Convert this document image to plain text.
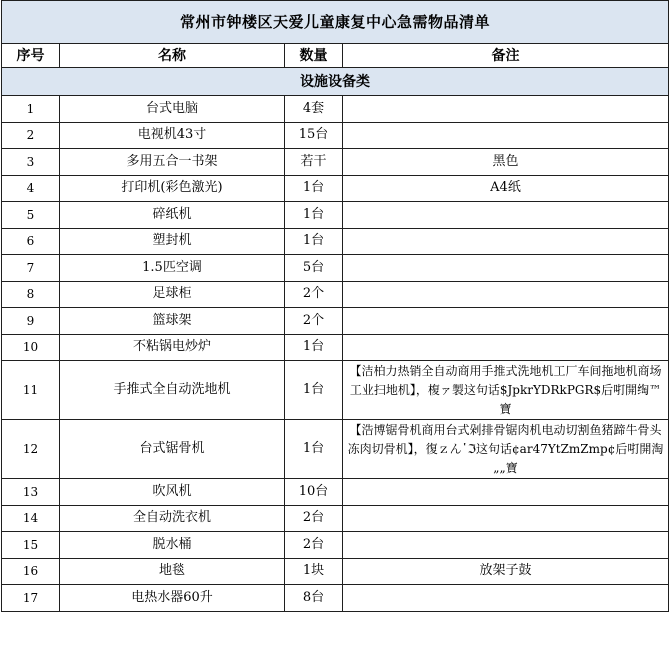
常州市钟楼区天爱儿童康复中心急需物品清单			
序号	名称	数量	备注
设施设备类			
1	台式电脑	4套	
2	电视机43寸	15台	
3	多用五合一书架	若干	黑色
4	打印机(彩色激光)	1台	A4纸
5	碎纸机	1台	
6	塑封机	1台	
7	1.5匹空调	5台	
8	足球柜	2个	
9	篮球架	2个	
10	不粘锅电炒炉	1台	
11	手推式全自动洗地机	1台	【洁柏力热销全自动商用手推式洗地机工厂车间拖地机商场工业扫地机】，椱ァ製这句话$JpkrYDRkPGR$后咑開绹™寶
12	台式锯骨机	1台	【浩博锯骨机商用台式剁排骨锯肉机电动切割鱼猪蹄牛骨头冻肉切骨机】，復ｚん῾ℑ这句话¢ar47YtZmZmp¢后咑開淘„„寶
13	吹风机	10台	
14	全自动洗衣机	2台	
15	脱水桶	2台	
16	地毯	1块	放架子鼓
17	电热水器60升	8台	
